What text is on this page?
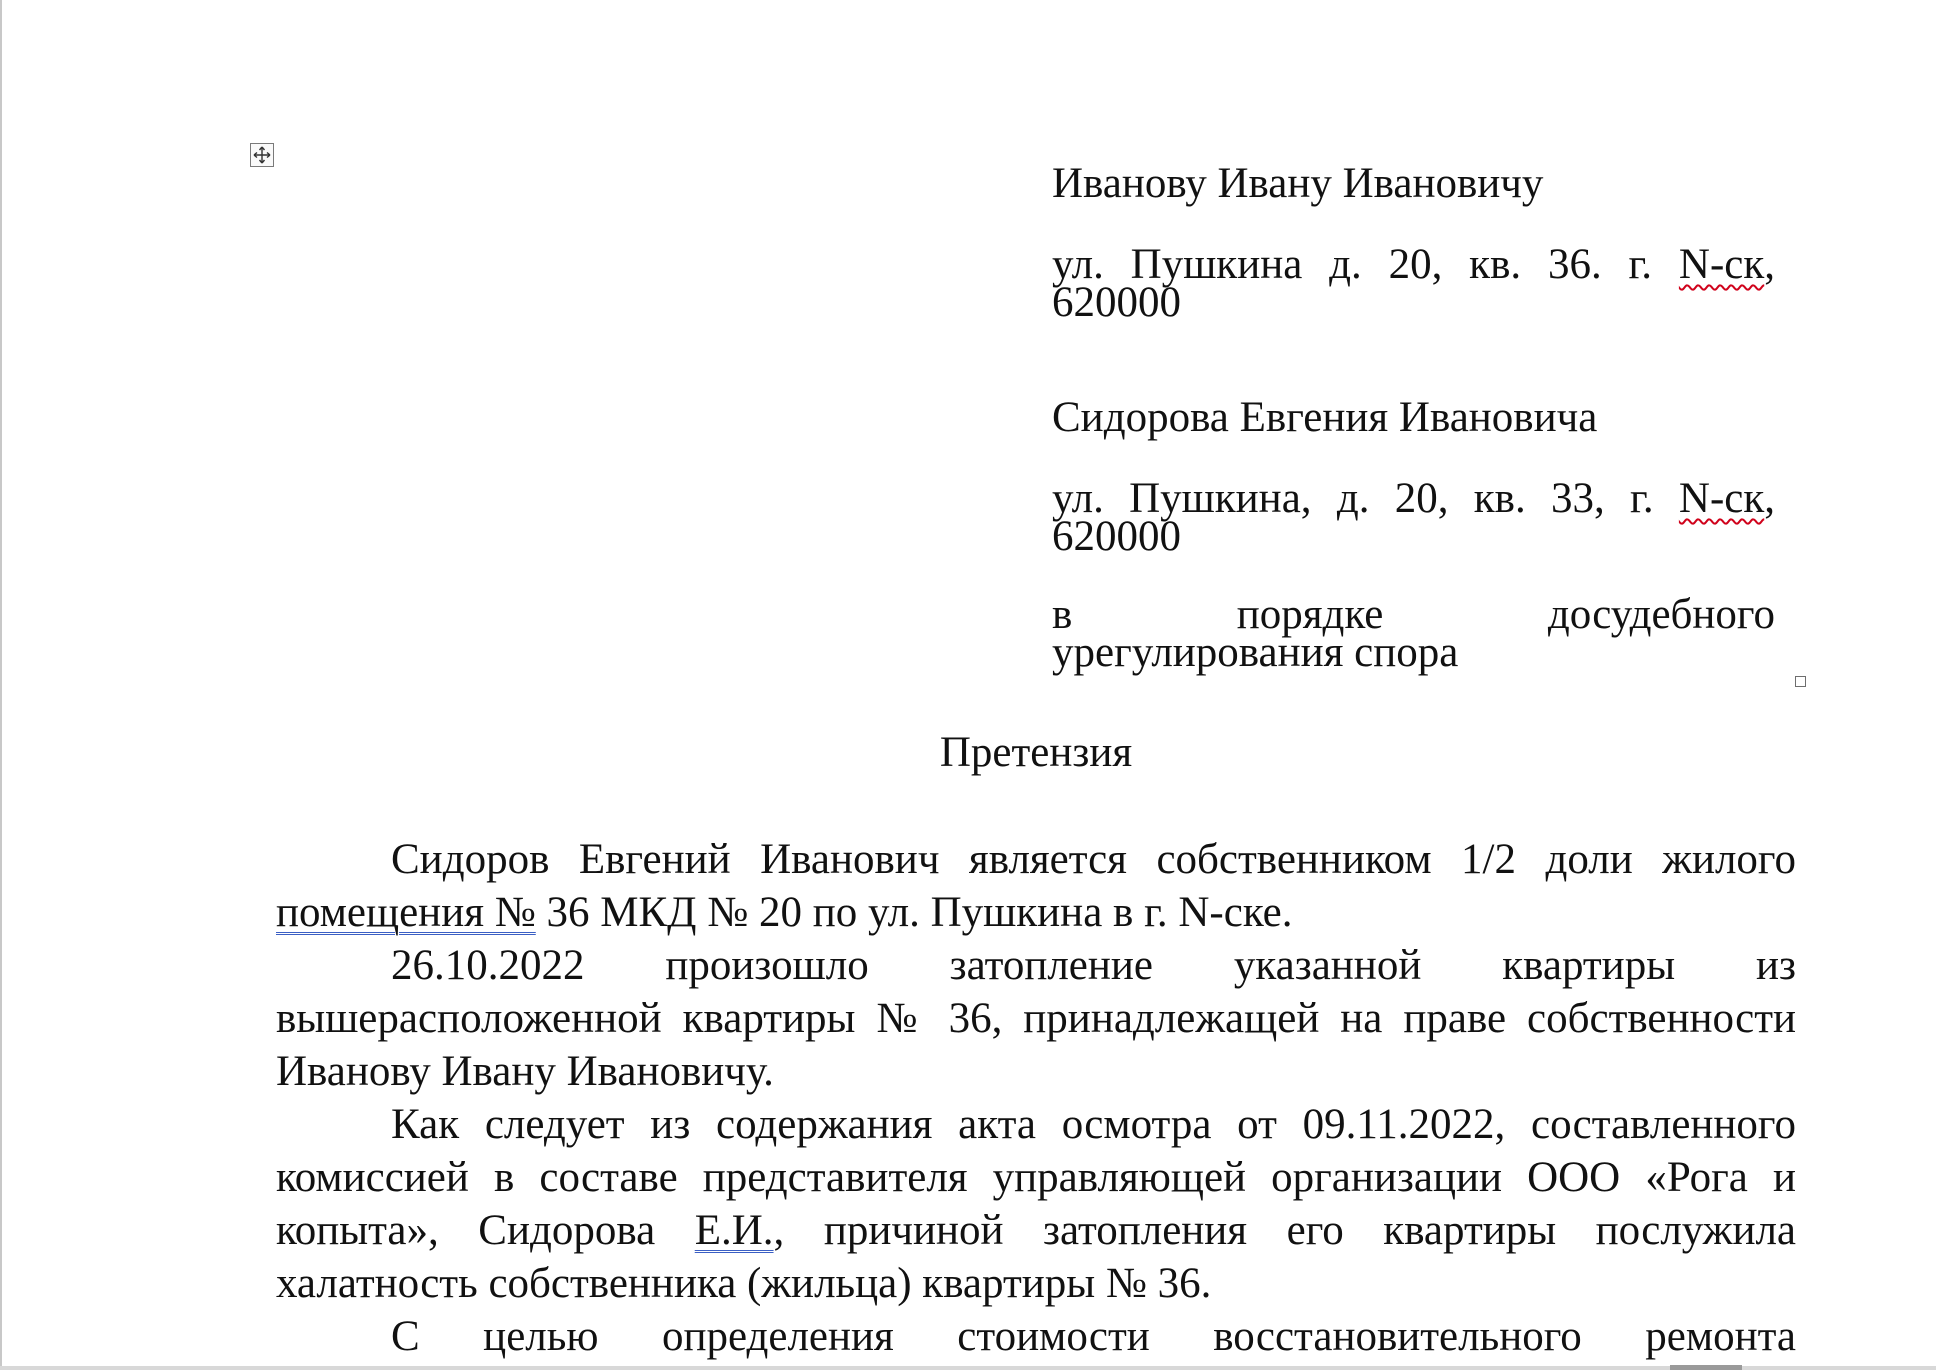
Иванову Ивану Ивановичу
ул. Пушкина д. 20, кв. 36. г. N-ск,
620000
Сидорова Евгения Ивановича
ул. Пушкина, д. 20, кв. 33, г. N-ск,
620000
в порядке досудебного
урегулирования спора
Претензия

Сидоров Евгений Иванович является собственником 1/2 доли жилого помещения № 36 МКД № 20 по ул. Пушкина в г. N-ске.

26.10.2022 произошло затопление указанной квартиры из вышерасположенной квартиры № 36, принадлежащей на праве собственности Иванову Ивану Ивановичу.

Как следует из содержания акта осмотра от 09.11.2022, составленного комиссией в составе представителя управляющей организации ООО «Рога и копыта», Сидорова Е.И., причиной затопления его квартиры послужила халатность собственника (жильца) квартиры № 36.

С целью определения стоимости восстановительного ремонта
